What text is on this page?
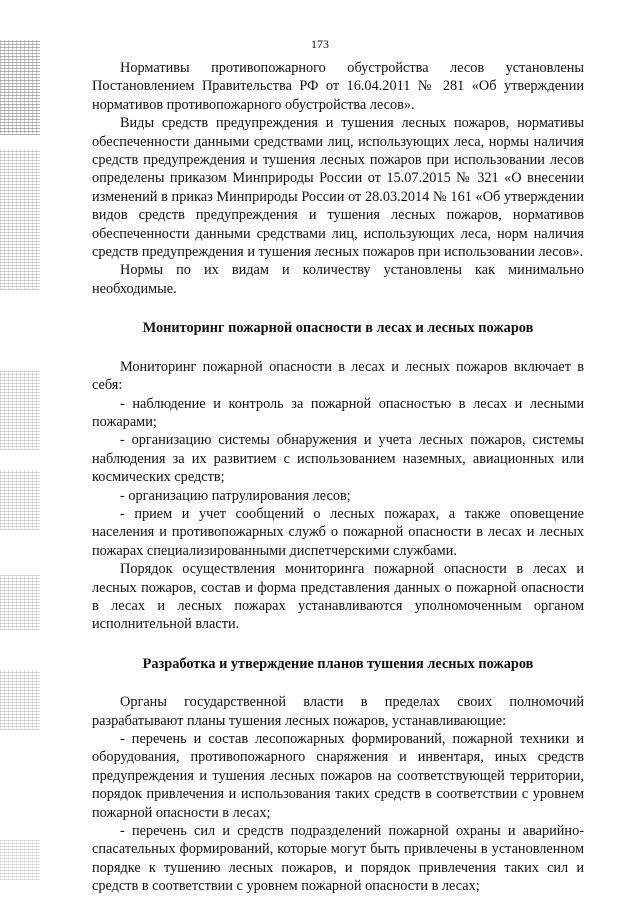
173

Нормативы противопожарного обустройства лесов установлены Постановлением Правительства РФ от 16.04.2011 № 281 «Об утверждении нормативов противопожарного обустройства лесов».

Виды средств предупреждения и тушения лесных пожаров, нормативы обеспеченности данными средствами лиц, использующих леса, нормы наличия средств предупреждения и тушения лесных пожаров при использовании лесов определены приказом Минприроды России от 15.07.2015 № 321 «О внесении изменений в приказ Минприроды России от 28.03.2014 № 161 «Об утверждении видов средств предупреждения и тушения лесных пожаров, нормативов обеспеченности данными средствами лиц, использующих леса, норм наличия средств предупреждения и тушения лесных пожаров при использовании лесов».

Нормы по их видам и количеству установлены как минимально необходимые.

Мониторинг пожарной опасности в лесах и лесных пожаров

Мониторинг пожарной опасности в лесах и лесных пожаров включает в себя:

- наблюдение и контроль за пожарной опасностью в лесах и лесными пожарами;

- организацию системы обнаружения и учета лесных пожаров, системы наблюдения за их развитием с использованием наземных, авиационных или космических средств;

- организацию патрулирования лесов;

- прием и учет сообщений о лесных пожарах, а также оповещение населения и противопожарных служб о пожарной опасности в лесах и лесных пожарах специализированными диспетчерскими службами.

Порядок осуществления мониторинга пожарной опасности в лесах и лесных пожаров, состав и форма представления данных о пожарной опасности в лесах и лесных пожарах устанавливаются уполномоченным органом исполнительной власти.

Разработка и утверждение планов тушения лесных пожаров

Органы государственной власти в пределах своих полномочий разрабатывают планы тушения лесных пожаров, устанавливающие:

- перечень и состав лесопожарных формирований, пожарной техники и оборудования, противопожарного снаряжения и инвентаря, иных средств предупреждения и тушения лесных пожаров на соответствующей территории, порядок привлечения и использования таких средств в соответствии с уровнем пожарной опасности в лесах;

- перечень сил и средств подразделений пожарной охраны и аварийно-спасательных формирований, которые могут быть привлечены в установленном порядке к тушению лесных пожаров, и порядок привлечения таких сил и средств в соответствии с уровнем пожарной опасности в лесах;
